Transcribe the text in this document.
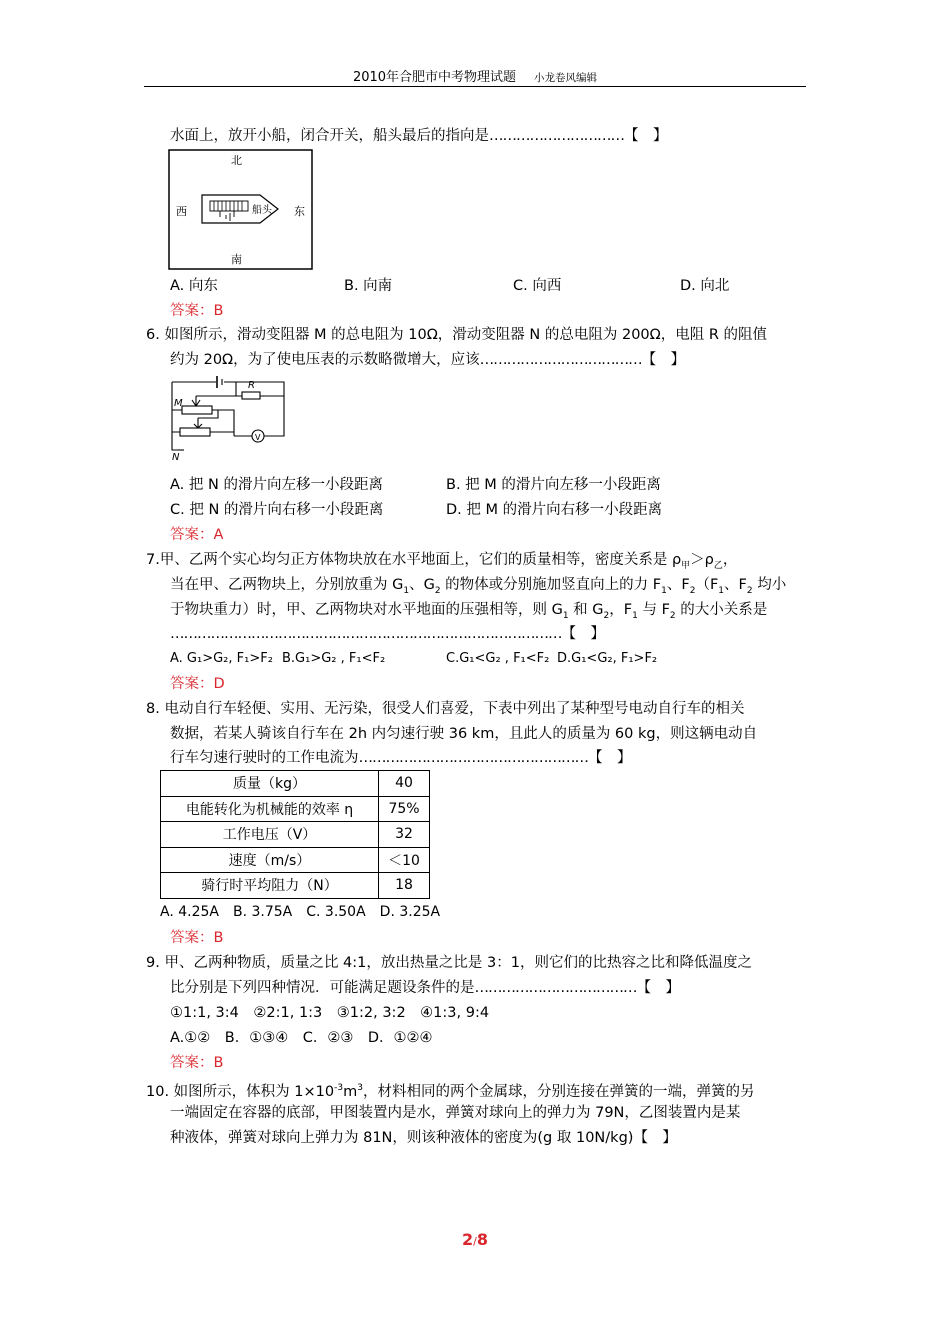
2010年合肥市中考物理试题 小龙卷风编辑
水面上，放开小船，闭合开关，船头最后的指向是…………………………【　】
北
南
西	东
船头
A. 向东	B. 向南	C. 向西	D. 向北
答案：B
6. 如图所示，滑动变阻器 M 的总电阻为 10Ω，滑动变阻器 N 的总电阻为 200Ω，电阻 R 的阻值
约为 20Ω，为了使电压表的示数略微增大，应该………………………………【　】
M
N
R
V
A. 把 N 的滑片向左移一小段距离	B. 把 M 的滑片向左移一小段距离
C. 把 N 的滑片向右移一小段距离	D. 把 M 的滑片向右移一小段距离
答案：A
7.甲、乙两个实心均匀正方体物块放在水平地面上，它们的质量相等，密度关系是 $\rho_甲>\rho_乙$，
当在甲、乙两物块上，分别放重为 $G_1$、$G_2$ 的物体或分别施加竖直向上的力 $F_1$、$F_2(F_1$、$F_2$ 均小
于物块重力）时，甲、乙两物块对水平地面的压强相等，则 $G_1$ 和 $G_2$，$F_1$ 与 $F_2$ 的大小关系是
……………………………………………………………………………【　】
A. G₁>G₂, F₁>F₂ B.G₁>G₂ , F₁<F₂	C.G₁<G₂ , F₁<F₂ D.G₁<G₂, F₁>F₂
答案：D
8. 电动自行车轻便、实用、无污染，很受人们喜爱，下表中列出了某种型号电动自行车的相关
数据，若某人骑该自行车在 2h 内匀速行驶 36 km，且此人的质量为 60 kg，则这辆电动自
行车匀速行驶时的工作电流为……………………………………………【　】
质量（kg）	40
电能转化为机械能的效率 η	75%
工作电压（V）	32
速度（m/s）	＜10
骑行时平均阻力（N）	18
A. 4.25A　B. 3.75A　C. 3.50A　D. 3.25A
答案：B
9. 甲、乙两种物质，质量之比 4:1，放出热量之比是 3：1，则它们的比热容之比和降低温度之
比分别是下列四种情况．可能满足题设条件的是………………………………【　】
①1:1, 3:4　②2:1, 1:3　③1:2, 3:2　④1:3, 9:4
A.①②　B．①③④　C．②③　D．①②④
答案：B
10. 如图所示，体积为 $1\times 10^{-3}m^3$，材料相同的两个金属球，分别连接在弹簧的一端，弹簧的另
一端固定在容器的底部，甲图装置内是水，弹簧对球向上的弹力为 79N，乙图装置内是某
种液体，弹簧对球向上弹力为 81N，则该种液体的密度为(g 取 10N/kg)【　】
2/8
